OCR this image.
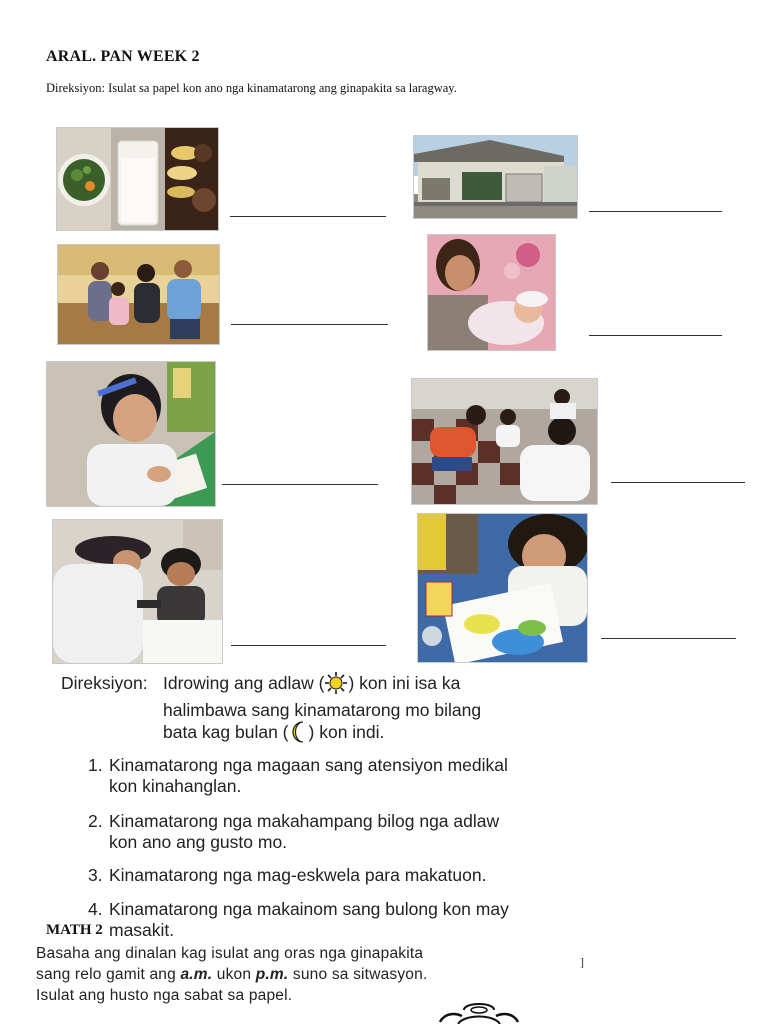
ARAL. PAN WEEK 2
Direksiyon: Isulat sa papel kon ano nga kinamatarong ang ginapakita sa laragway.
Direksiyon: Idrowing ang adlaw ( ) kon ini isa ka
halimbawa sang kinamatarong mo bilang
bata kag bulan ( ) kon indi.
1. Kinamatarong nga magaan sang atensiyon medikal
kon kinahanglan.
2. Kinamatarong nga makahampang bilog nga adlaw
kon ano ang gusto mo.
3. Kinamatarong nga mag-eskwela para makatuon.
4. Kinamatarong nga makainom sang bulong kon may
masakit.
MATH 2
Basaha ang dinalan kag isulat ang oras nga ginapakita
sang relo gamit ang a.m. ukon p.m. suno sa sitwasyon.
Isulat ang husto nga sabat sa papel.
]
